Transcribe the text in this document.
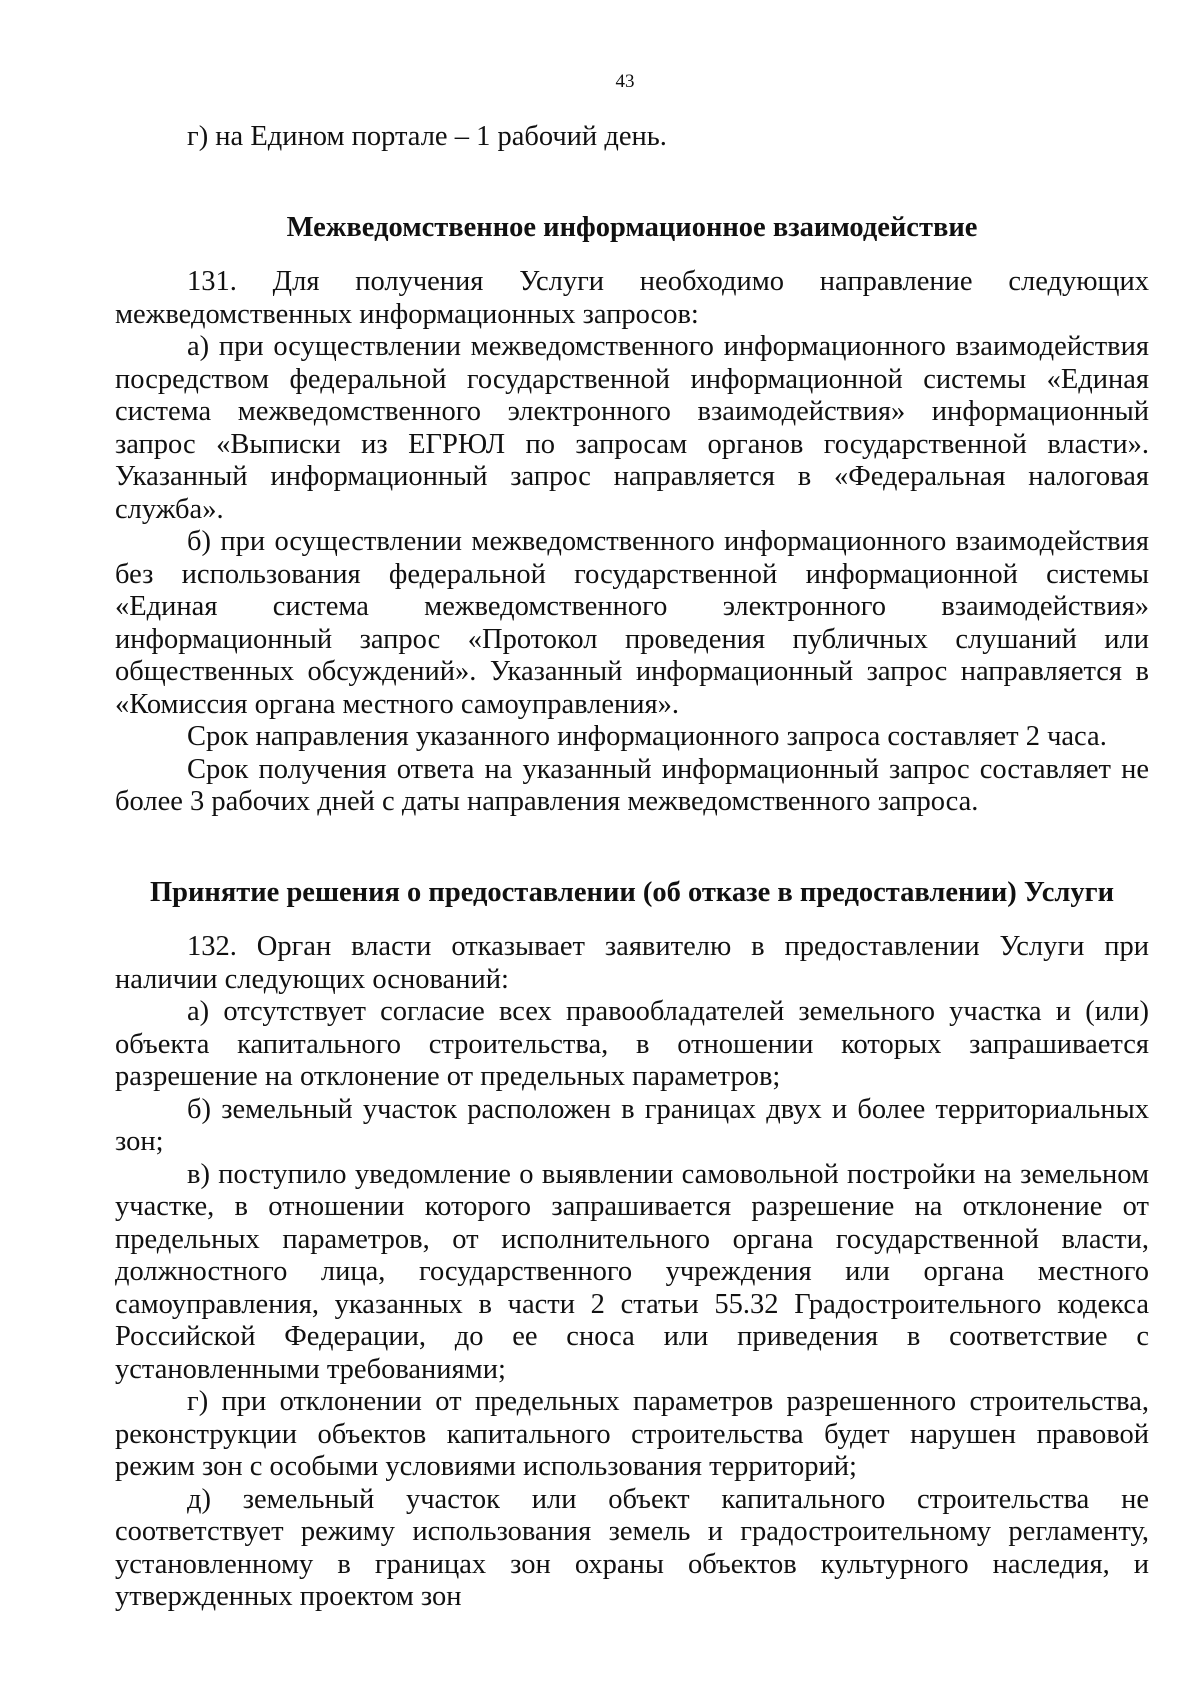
43

г) на Едином портале – 1 рабочий день.

Межведомственное информационное взаимодействие

131. Для получения Услуги необходимо направление следующих межведомственных информационных запросов:

а) при осуществлении межведомственного информационного взаимодействия посредством федеральной государственной информационной системы «Единая система межведомственного электронного взаимодействия» информационный запрос «Выписки из ЕГРЮЛ по запросам органов государственной власти». Указанный информационный запрос направляется в «Федеральная налоговая служба».

б) при осуществлении межведомственного информационного взаимодействия без использования федеральной государственной информационной системы «Единая система межведомственного электронного взаимодействия» информационный запрос «Протокол проведения публичных слушаний или общественных обсуждений». Указанный информационный запрос направляется в «Комиссия органа местного самоуправления».

Срок направления указанного информационного запроса составляет 2 часа.

Срок получения ответа на указанный информационный запрос составляет не более 3 рабочих дней с даты направления межведомственного запроса.

Принятие решения о предоставлении (об отказе в предоставлении) Услуги

132. Орган власти отказывает заявителю в предоставлении Услуги при наличии следующих оснований:

а) отсутствует согласие всех правообладателей земельного участка и (или) объекта капитального строительства, в отношении которых запрашивается разрешение на отклонение от предельных параметров;

б) земельный участок расположен в границах двух и более территориальных зон;

в) поступило уведомление о выявлении самовольной постройки на земельном участке, в отношении которого запрашивается разрешение на отклонение от предельных параметров, от исполнительного органа государственной власти, должностного лица, государственного учреждения или органа местного самоуправления, указанных в части 2 статьи 55.32 Градостроительного кодекса Российской Федерации, до ее сноса или приведения в соответствие с установленными требованиями;

г) при отклонении от предельных параметров разрешенного строительства, реконструкции объектов капитального строительства будет нарушен правовой режим зон с особыми условиями использования территорий;

д) земельный участок или объект капитального строительства не соответствует режиму использования земель и градостроительному регламенту, установленному в границах зон охраны объектов культурного наследия, и утвержденных проектом зон
